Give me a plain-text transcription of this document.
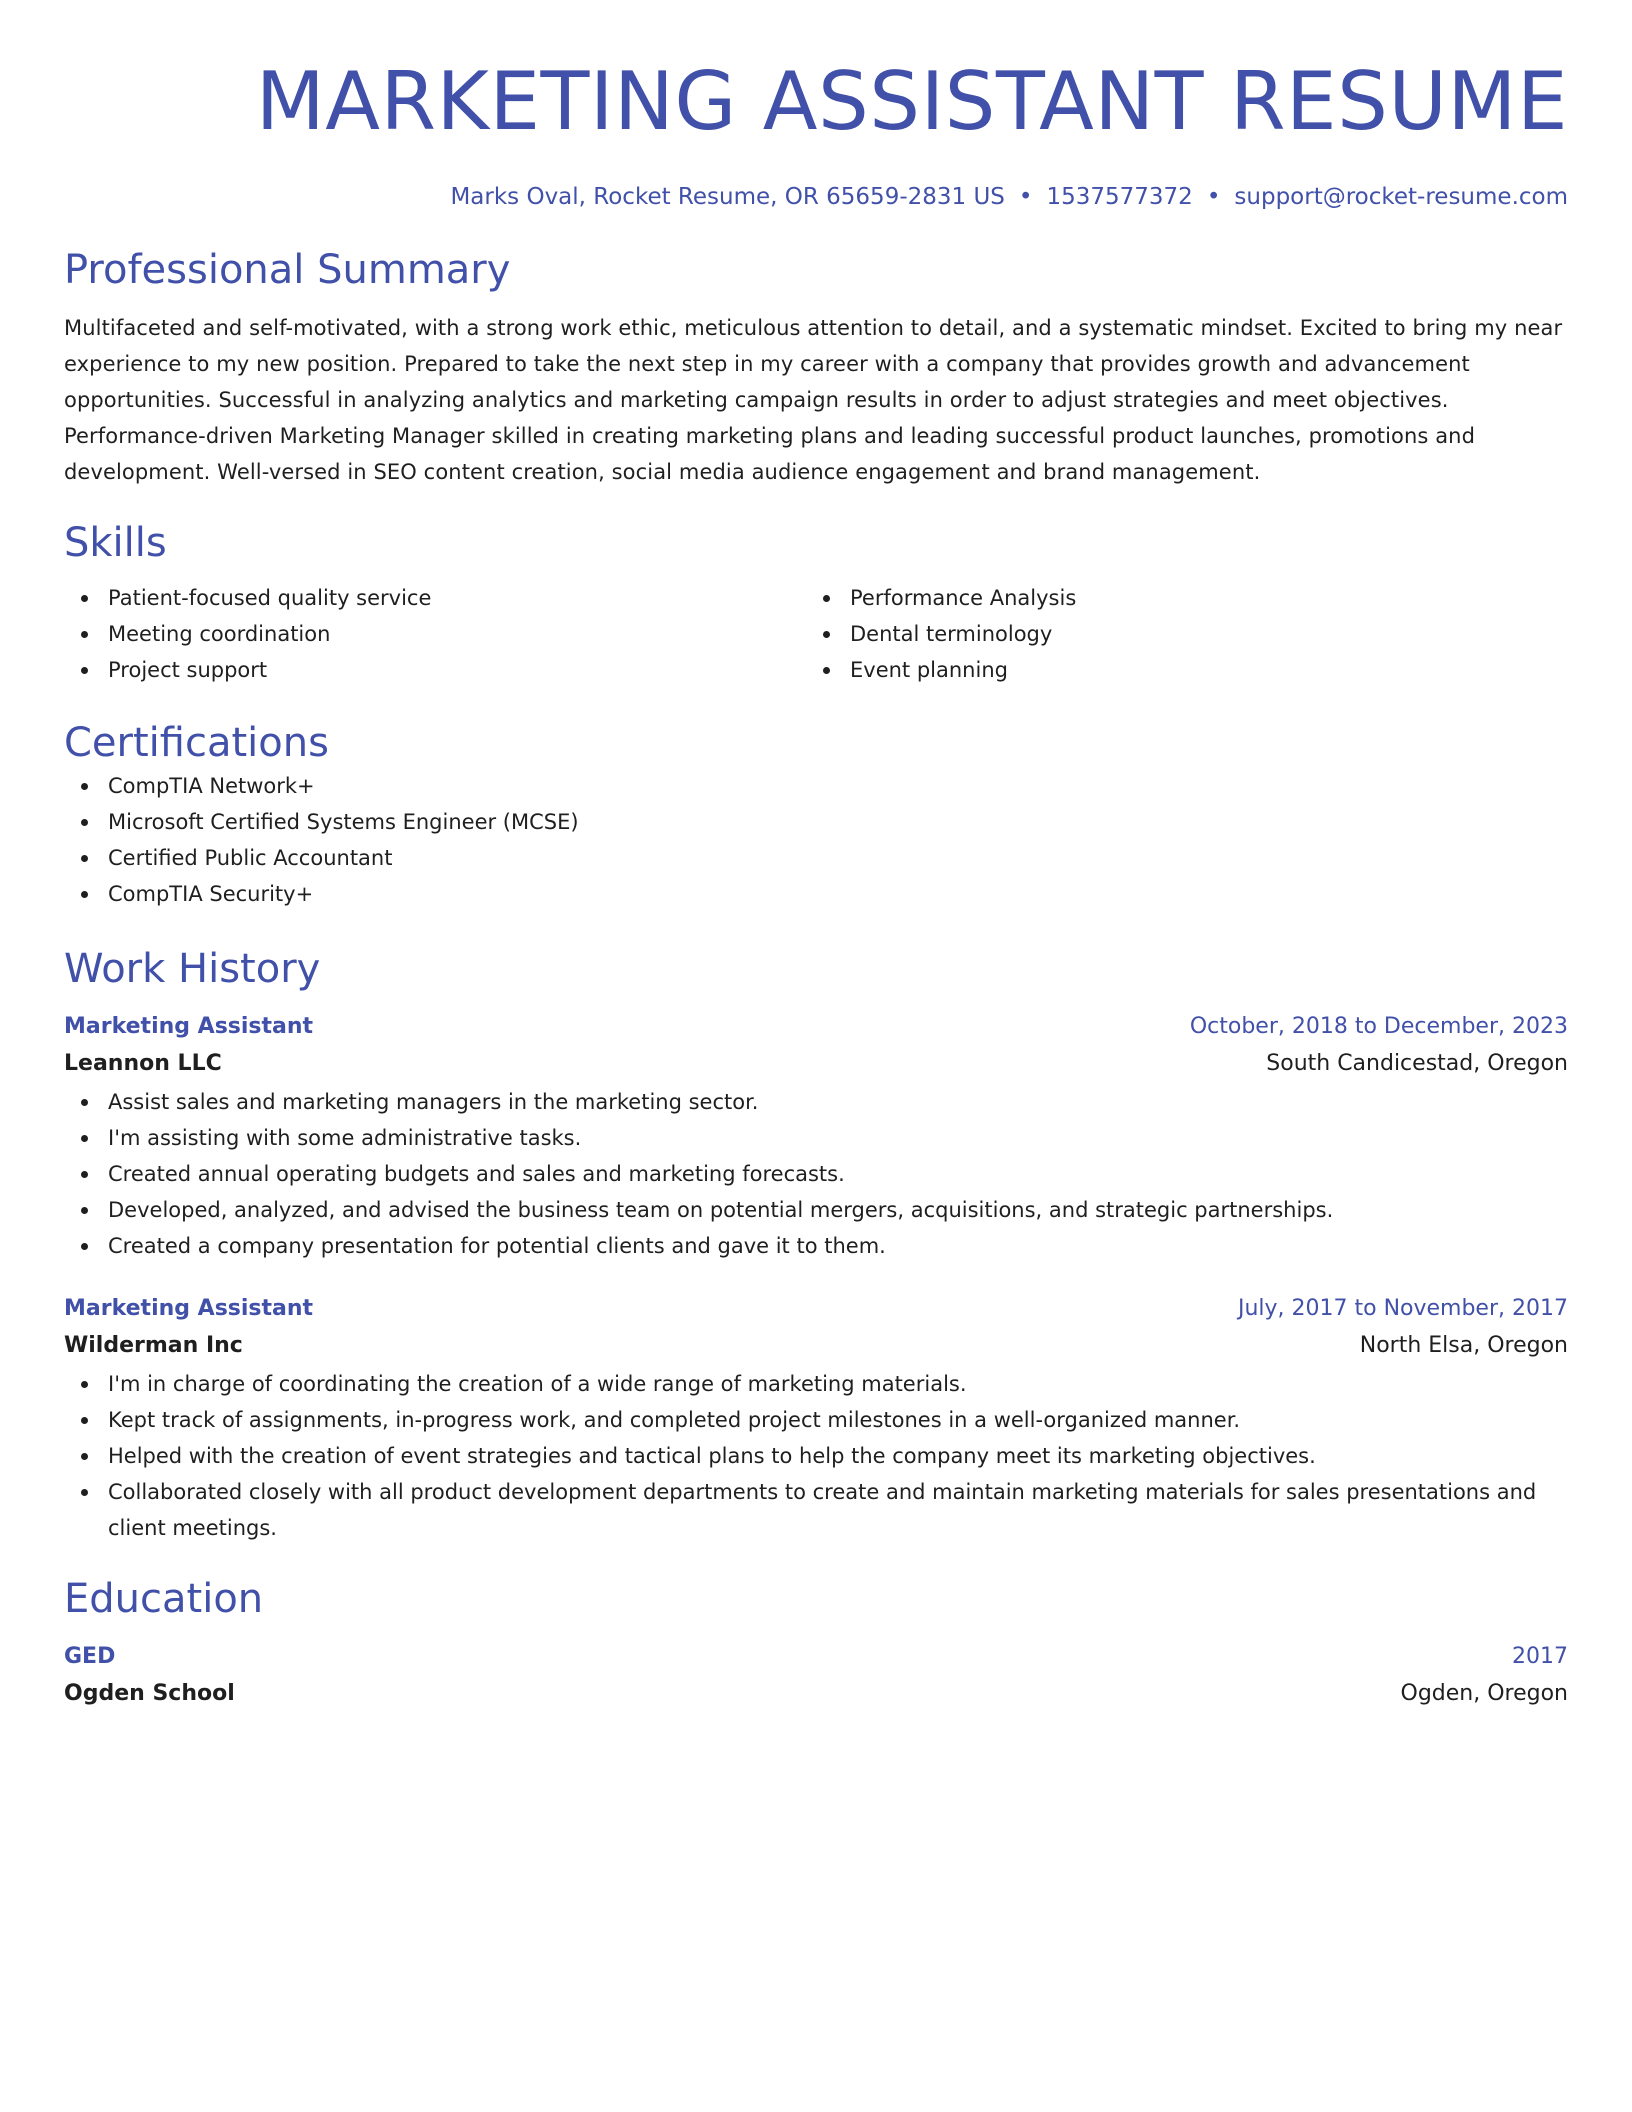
MARKETING ASSISTANT RESUME
Marks Oval, Rocket Resume, OR 65659-2831 US • 1537577372 • support@rocket-resume.com
Professional Summary

Multifaceted and self-motivated, with a strong work ethic, meticulous attention to detail, and a systematic mindset. Excited to bring my near experience to my new position. Prepared to take the next step in my career with a company that provides growth and advancement opportunities. Successful in analyzing analytics and marketing campaign results in order to adjust strategies and meet objectives. Performance-driven Marketing Manager skilled in creating marketing plans and leading successful product launches, promotions and development. Well-versed in SEO content creation, social media audience engagement and brand management.

Skills
Patient-focused quality service
Meeting coordination
Project support
Performance Analysis
Dental terminology
Event planning
Certifications
CompTIA Network+
Microsoft Certified Systems Engineer (MCSE)
Certified Public Accountant
CompTIA Security+
Work History
Marketing Assistant	October, 2018 to December, 2023
Leannon LLC	South Candicestad, Oregon
Assist sales and marketing managers in the marketing sector.
I'm assisting with some administrative tasks.
Created annual operating budgets and sales and marketing forecasts.
Developed, analyzed, and advised the business team on potential mergers, acquisitions, and strategic partnerships.
Created a company presentation for potential clients and gave it to them.
Marketing Assistant	July, 2017 to November, 2017
Wilderman Inc	North Elsa, Oregon
I'm in charge of coordinating the creation of a wide range of marketing materials.
Kept track of assignments, in-progress work, and completed project milestones in a well-organized manner.
Helped with the creation of event strategies and tactical plans to help the company meet its marketing objectives.
Collaborated closely with all product development departments to create and maintain marketing materials for sales presentations and client meetings.
Education
GED	2017
Ogden School	Ogden, Oregon
